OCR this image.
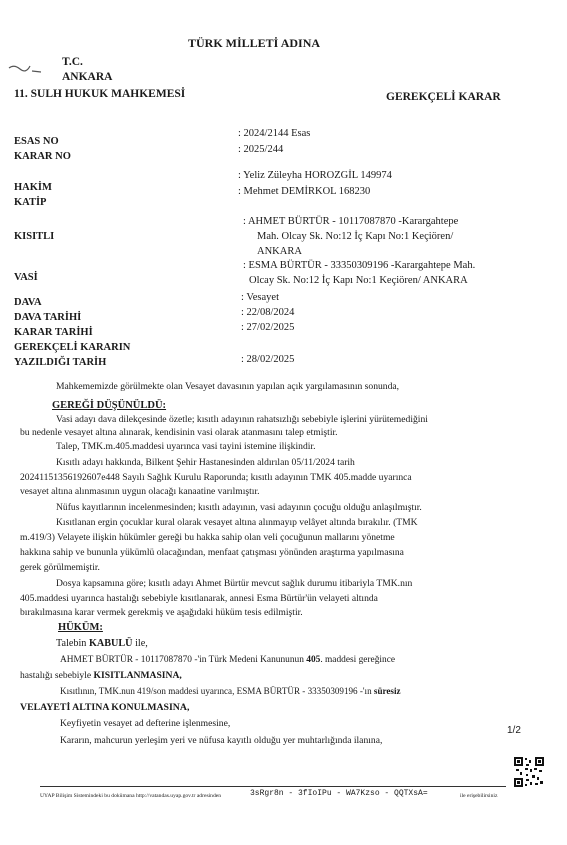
TÜRK MİLLETİ ADINA
T.C.
ANKARA
11. SULH HUKUK MAHKEMESİ	GEREKÇELİ KARAR
ESAS NO
: 2024/2144 Esas
KARAR NO
: 2025/244
HAKİM
: Yeliz Züleyha HOROZGİL 149974
KATİP
: Mehmet DEMİRKOL 168230
KISITLI
: AHMET BÜRTÜR - 10117087870 -Karargahtepe
Mah. Olcay Sk. No:12 İç Kapı No:1 Keçiören/
ANKARA
VASİ
: ESMA BÜRTÜR - 33350309196 -Karargahtepe Mah.
Olcay Sk. No:12 İç Kapı No:1 Keçiören/ ANKARA
DAVA	: Vesayet
DAVA TARİHİ	: 22/08/2024
KARAR TARİHİ	: 27/02/2025
GEREKÇELİ KARARIN
YAZILDIĞI TARİH	: 28/02/2025
Mahkememizde görülmekte olan Vesayet davasının yapılan açık yargılamasının sonunda,
GEREĞİ DÜŞÜNÜLDÜ:
Vasi adayı dava dilekçesinde özetle; kısıtlı adayının rahatsızlığı sebebiyle işlerini yürütemediğini
bu nedenle vesayet altına alınarak, kendisinin vasi olarak atanmasını talep etmiştir.
Talep, TMK.m.405.maddesi uyarınca vasi tayini istemine ilişkindir.
Kısıtlı adayı hakkında, Bilkent Şehir Hastanesinden aldırılan 05/11/2024 tarih
2024115135619260​7e448 Sayılı Sağlık Kurulu Raporunda; kısıtlı adayının TMK 405.madde uyarınca
vesayet altına alınmasının uygun olacağı kanaatine varılmıştır.
Nüfus kayıtlarının incelenmesinden; kısıtlı adayının, vasi adayının çocuğu olduğu anlaşılmıştır.
Kısıtlanan ergin çocuklar kural olarak vesayet altına alınmayıp velâyet altında bırakılır. (TMK
m.419/3) Velayete ilişkin hükümler gereği bu hakka sahip olan veli çocuğunun mallarını yönetme
hakkına sahip ve bununla yükümlü olacağından, menfaat çatışması yönünden araştırma yapılmasına
gerek görülmemiştir.
Dosya kapsamına göre; kısıtlı adayı Ahmet Bürtür mevcut sağlık durumu itibariyla TMK.nın
405.maddesi uyarınca hastalığı sebebiyle kısıtlanarak, annesi Esma Bürtür'ün velayeti altında
bırakılmasına karar vermek gerekmiş ve aşağıdaki hüküm tesis edilmiştir.
HÜKÜM:
Talebin KABULÜ ile,
AHMET BÜRTÜR - 10117087870 -'in Türk Medeni Kanununun 405. maddesi gereğince
hastalığı sebebiyle KISITLANMASINA,
Kısıtlının, TMK.nun 419/son maddesi uyarınca, ESMA BÜRTÜR - 33350309196 -'ın süresiz
VELAYETİ ALTINA KONULMASINA,
Keyfiyetin vesayet ad defterine işlenmesine,
Kararın, mahcurun yerleşim yeri ve nüfusa kayıtlı olduğu yer muhtarlığında ilanına,
1/2
UYAP Bilişim Sistemindeki bu dokümana http://vatandas.uyap.gov.tr adresinden	3sRgr8n - 3fIoIPu - WA7Kzso - QQTXsA=	ile erişebilirsiniz
